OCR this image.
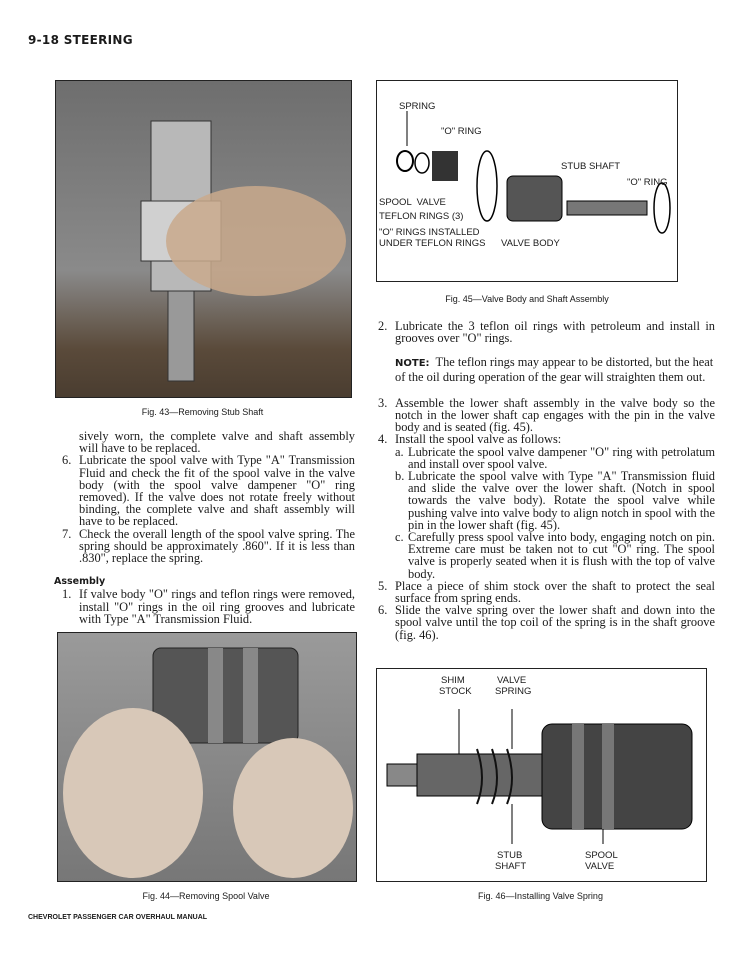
9-18 STEERING
Fig. 43—Removing Stub Shaft

sively worn, the complete valve and shaft assembly will have to be replaced.

6. Lubricate the spool valve with Type "A" Transmission Fluid and check the fit of the spool valve in the valve body (with the spool valve dampener "O" ring removed). If the valve does not rotate freely without binding, the complete valve and shaft assembly will have to be replaced.
7. Check the overall length of the spool valve spring. The spring should be approximately .860". If it is less than .830", replace the spring.
Assembly
1. If valve body "O" rings and teflon rings were removed, install "O" rings in the oil ring grooves and lubricate with Type "A" Transmission Fluid.
Fig. 44—Removing Spool Valve
SPRING
"O" RING
STUB SHAFT
"O" RING
SPOOL  VALVE
TEFLON RINGS (3)
"O" RINGS INSTALLED
UNDER TEFLON RINGS VALVE BODY
Fig. 45—Valve Body and Shaft Assembly
2. Lubricate the 3 teflon oil rings with petroleum and install in grooves over "O" rings.
NOTE: The teflon rings may appear to be distorted, but the heat of the oil during operation of the gear will straighten them out.
3. Assemble the lower shaft assembly in the valve body so the notch in the lower shaft cap engages with the pin in the valve body and is seated (fig. 45).
4. Install the spool valve as follows:
a. Lubricate the spool valve dampener "O" ring with petrolatum and install over spool valve.
b. Lubricate the spool valve with Type "A" Transmission fluid and slide the valve over the lower shaft. (Notch in spool towards the valve body). Rotate the spool valve while pushing valve into valve body to align notch in spool with the pin in the lower shaft (fig. 45).
c. Carefully press spool valve into body, engaging notch on pin. Extreme care must be taken not to cut "O" ring. The spool valve is properly seated when it is flush with the top of valve body.
5. Place a piece of shim stock over the shaft to protect the seal surface from spring ends.
6. Slide the valve spring over the lower shaft and down into the spool valve until the top coil of the spring is in the shaft groove (fig. 46).
SHIM
STOCK
VALVE
SPRING
STUB
SHAFT
SPOOL
VALVE
Fig. 46—Installing Valve Spring
CHEVROLET PASSENGER CAR OVERHAUL MANUAL
